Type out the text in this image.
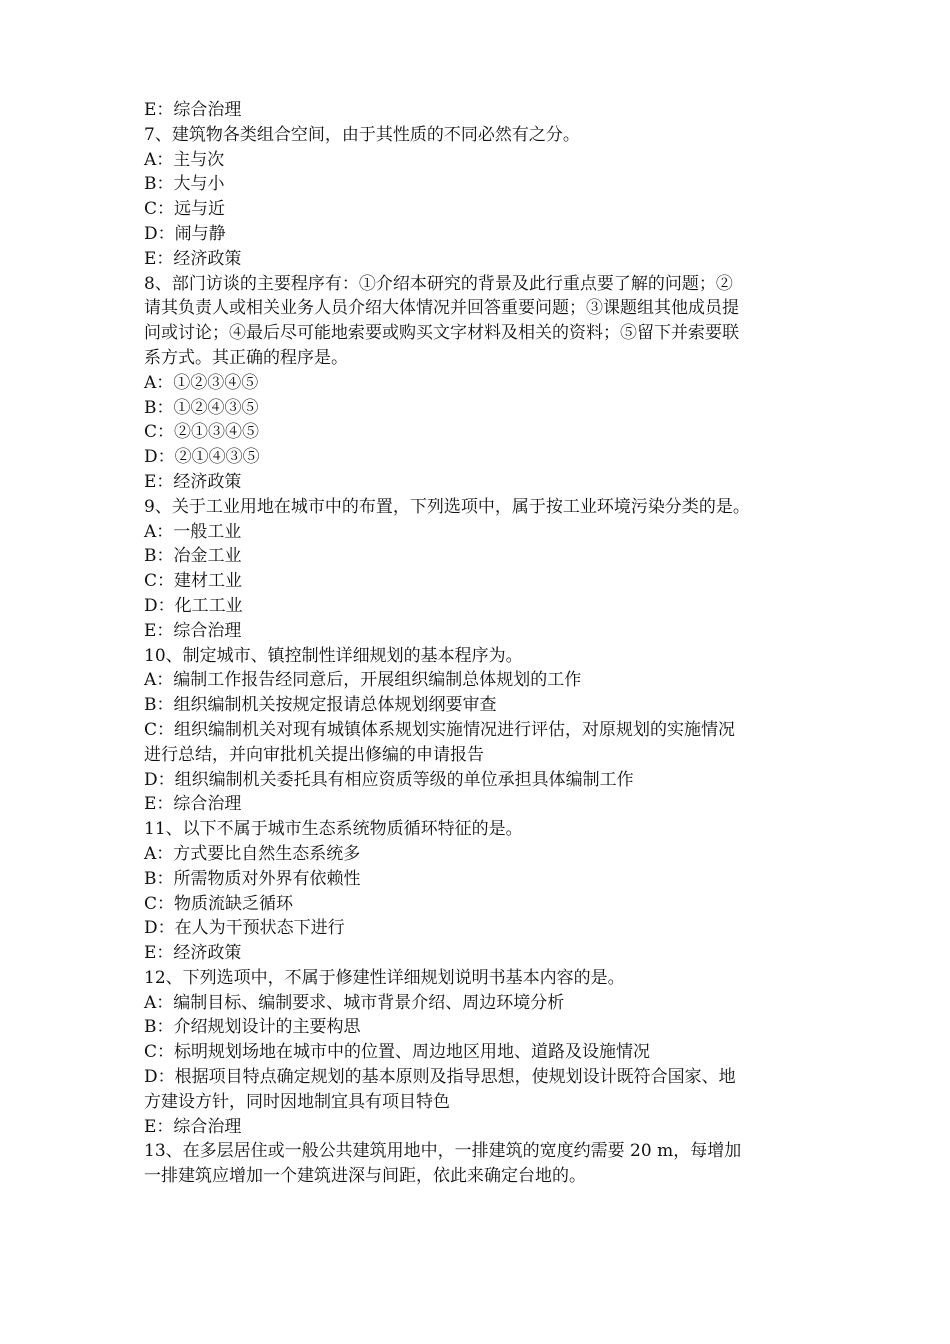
E：综合治理
7、建筑物各类组合空间，由于其性质的不同必然有之分。
A：主与次
B：大与小
C：远与近
D：闹与静
E：经济政策
8、部门访谈的主要程序有：①介绍本研究的背景及此行重点要了解的问题；②
请其负责人或相关业务人员介绍大体情况并回答重要问题；③课题组其他成员提
问或讨论；④最后尽可能地索要或购买文字材料及相关的资料；⑤留下并索要联
系方式。其正确的程序是。
A：①②③④⑤
B：①②④③⑤
C：②①③④⑤
D：②①④③⑤
E：经济政策
9、关于工业用地在城市中的布置，下列选项中，属于按工业环境污染分类的是。
A：一般工业
B：冶金工业
C：建材工业
D：化工工业
E：综合治理
10、制定城市、镇控制性详细规划的基本程序为。
A：编制工作报告经同意后，开展组织编制总体规划的工作
B：组织编制机关按规定报请总体规划纲要审查
C：组织编制机关对现有城镇体系规划实施情况进行评估，对原规划的实施情况
进行总结，并向审批机关提出修编的申请报告
D：组织编制机关委托具有相应资质等级的单位承担具体编制工作
E：综合治理
11、以下不属于城市生态系统物质循环特征的是。
A：方式要比自然生态系统多
B：所需物质对外界有依赖性
C：物质流缺乏循环
D：在人为干预状态下进行
E：经济政策
12、下列选项中，不属于修建性详细规划说明书基本内容的是。
A：编制目标、编制要求、城市背景介绍、周边环境分析
B：介绍规划设计的主要构思
C：标明规划场地在城市中的位置、周边地区用地、道路及设施情况
D：根据项目特点确定规划的基本原则及指导思想，使规划设计既符合国家、地
方建设方针，同时因地制宜具有项目特色
E：综合治理
13、在多层居住或一般公共建筑用地中，一排建筑的宽度约需要 20 m，每增加
一排建筑应增加一个建筑进深与间距，依此来确定台地的。
